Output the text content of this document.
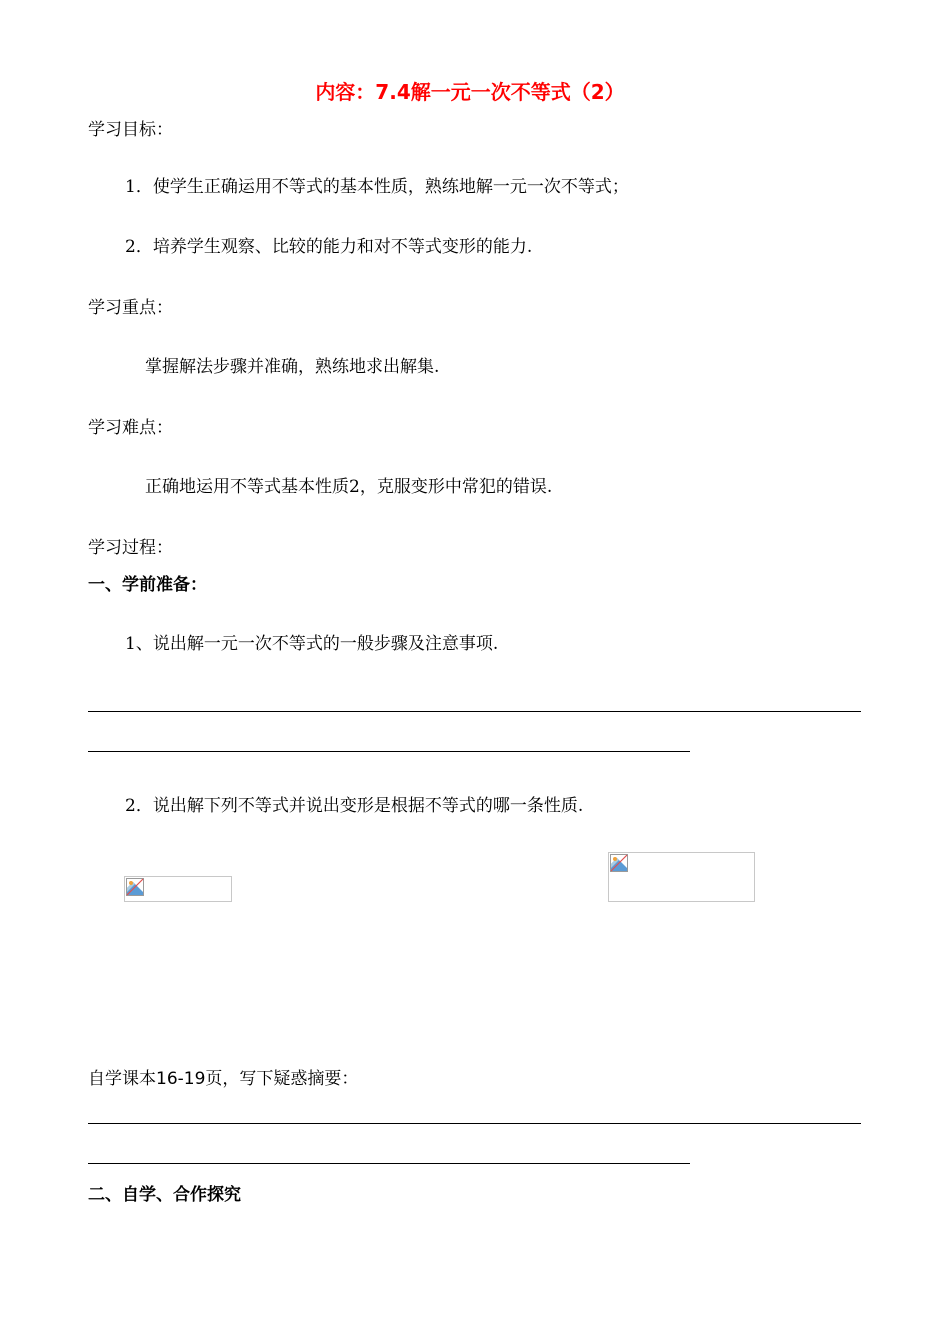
内容：7.4解一元一次不等式（2）
学习目标：
1．使学生正确运用不等式的基本性质，熟练地解一元一次不等式；
2．培养学生观察、比较的能力和对不等式变形的能力.
学习重点：
掌握解法步骤并准确，熟练地求出解集.
学习难点：
正确地运用不等式基本性质2，克服变形中常犯的错误.
学习过程：
一、学前准备：
1、说出解一元一次不等式的一般步骤及注意事项.
2．说出解下列不等式并说出变形是根据不等式的哪一条性质.
自学课本16-19页，写下疑惑摘要：
二、自学、合作探究
